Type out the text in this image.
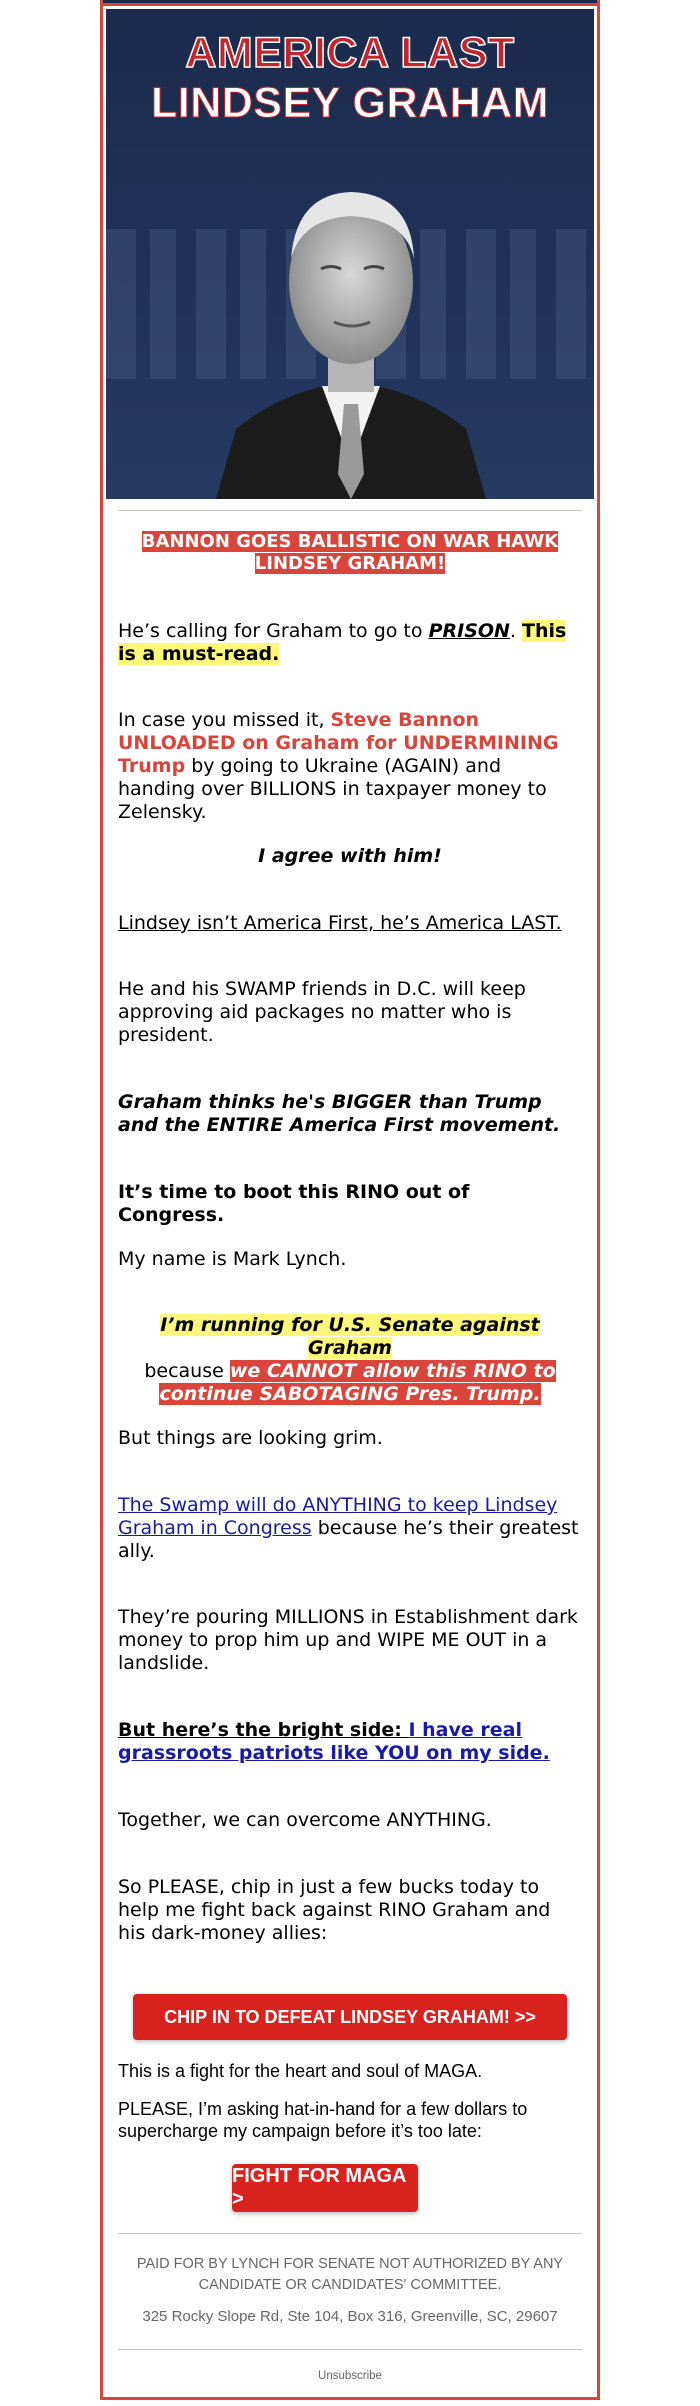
AMERICA LAST
LINDSEY GRAHAM
BANNON GOES BALLISTIC ON WAR HAWK
LINDSEY GRAHAM!
He’s calling for Graham to go to PRISON. This is a must-read.
In case you missed it, Steve Bannon UNLOADED on Graham for UNDERMINING Trump by going to Ukraine (AGAIN) and handing over BILLIONS in taxpayer money to Zelensky.
I agree with him!
Lindsey isn’t America First, he’s America LAST.
He and his SWAMP friends in D.C. will keep approving aid packages no matter who is president.
Graham thinks he's BIGGER than Trump and the ENTIRE America First movement.
It’s time to boot this RINO out of Congress.
My name is Mark Lynch.
I’m running for U.S. Senate against Graham
because we CANNOT allow this RINO to continue SABOTAGING Pres. Trump.
But things are looking grim.
The Swamp will do ANYTHING to keep Lindsey Graham in Congress because he’s their greatest ally.
They’re pouring MILLIONS in Establishment dark money to prop him up and WIPE ME OUT in a landslide.
But here’s the bright side: I have real grassroots patriots like YOU on my side.
Together, we can overcome ANYTHING.
So PLEASE, chip in just a few bucks today to help me fight back against RINO Graham and his dark-money allies:
CHIP IN TO DEFEAT LINDSEY GRAHAM! >>
This is a fight for the heart and soul of MAGA.
PLEASE, I’m asking hat-in-hand for a few dollars to supercharge my campaign before it’s too late:
FIGHT FOR MAGA >
PAID FOR BY LYNCH FOR SENATE NOT AUTHORIZED BY ANY CANDIDATE OR CANDIDATES' COMMITTEE.
325 Rocky Slope Rd, Ste 104, Box 316, Greenville, SC, 29607
Unsubscribe
